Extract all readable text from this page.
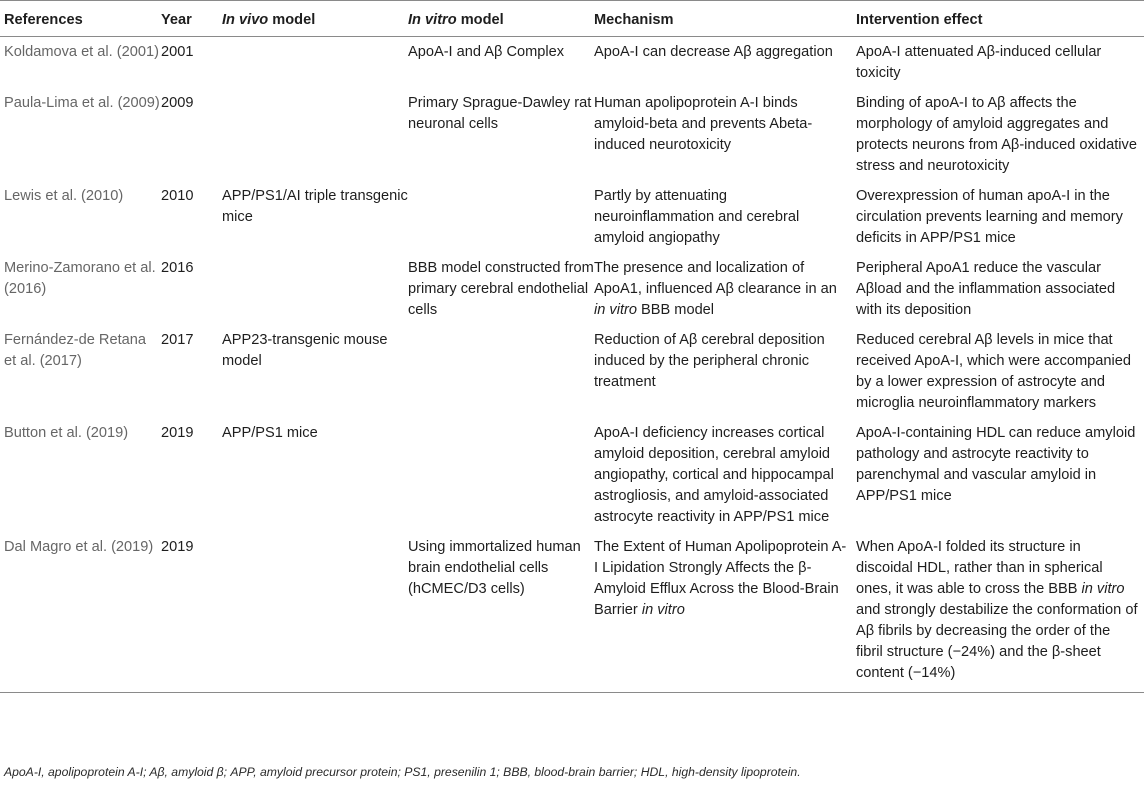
References	Year	In vivo model	In vitro model	Mechanism	Intervention effect
Koldamova et al. (2001)	2001		ApoA-I and Aβ Complex	ApoA-I can decrease Aβ aggregation	ApoA-I attenuated Aβ-induced cellular toxicity
Paula-Lima et al. (2009)	2009		Primary Sprague-Dawley rat neuronal cells	Human apolipoprotein A-I binds amyloid-beta and prevents Abeta-induced neurotoxicity	Binding of apoA-I to Aβ affects the morphology of amyloid aggregates and protects neurons from Aβ-induced oxidative stress and neurotoxicity
Lewis et al. (2010)	2010	APP/PS1/AI triple transgenic mice		Partly by attenuating neuroinflammation and cerebral amyloid angiopathy	Overexpression of human apoA-I in the circulation prevents learning and memory deficits in APP/PS1 mice
Merino-Zamorano et al. (2016)	2016		BBB model constructed from primary cerebral endothelial cells	The presence and localization of ApoA1, influenced Aβ clearance in an in vitro BBB model	Peripheral ApoA1 reduce the vascular Aβload and the inflammation associated with its deposition
Fernández-de Retana et al. (2017)	2017	APP23-transgenic mouse model		Reduction of Aβ cerebral deposition induced by the peripheral chronic treatment	Reduced cerebral Aβ levels in mice that received ApoA-I, which were accompanied by a lower expression of astrocyte and microglia neuroinflammatory markers
Button et al. (2019)	2019	APP/PS1 mice		ApoA-I deficiency increases cortical amyloid deposition, cerebral amyloid angiopathy, cortical and hippocampal astrogliosis, and amyloid-associated astrocyte reactivity in APP/PS1 mice	ApoA-I-containing HDL can reduce amyloid pathology and astrocyte reactivity to parenchymal and vascular amyloid in APP/PS1 mice
Dal Magro et al. (2019)	2019		Using immortalized human brain endothelial cells (hCMEC/D3 cells)	The Extent of Human Apolipoprotein A-I Lipidation Strongly Affects the β-Amyloid Efflux Across the Blood-Brain Barrier in vitro	When ApoA-I folded its structure in discoidal HDL, rather than in spherical ones, it was able to cross the BBB in vitro and strongly destabilize the conformation of Aβ fibrils by decreasing the order of the fibril structure (−24%) and the β-sheet content (−14%)
ApoA-I, apolipoprotein A-I; Aβ, amyloid β; APP, amyloid precursor protein; PS1, presenilin 1; BBB, blood-brain barrier; HDL, high-density lipoprotein.
